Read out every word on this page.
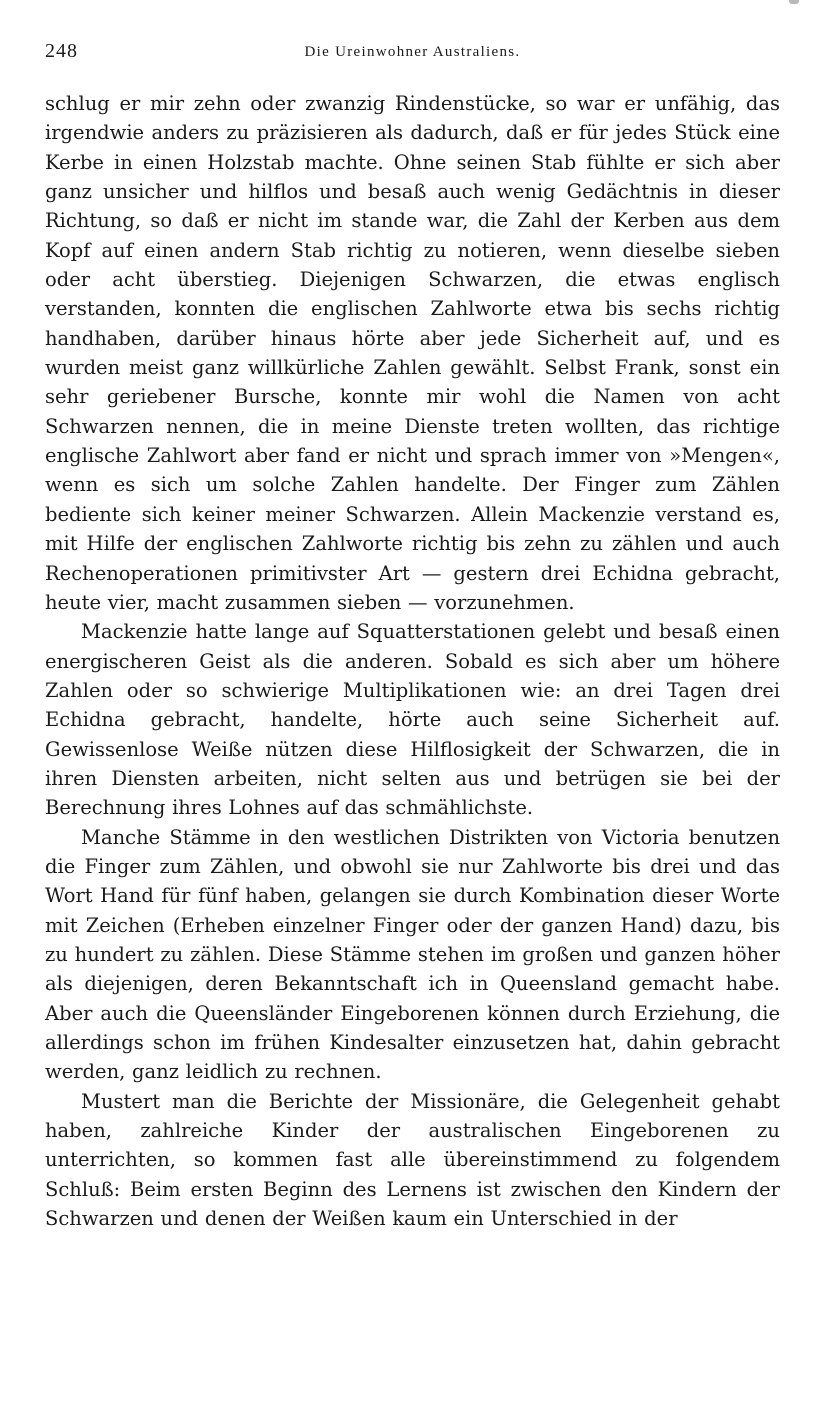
248	Die Ureinwohner Australiens.

schlug er mir zehn oder zwanzig Rindenstücke, so war er unfähig, das irgendwie anders zu präzisieren als dadurch, daß er für jedes Stück eine Kerbe in einen Holzstab machte. Ohne seinen Stab fühlte er sich aber ganz unsicher und hilflos und besaß auch wenig Gedächtnis in dieser Richtung, so daß er nicht im stande war, die Zahl der Kerben aus dem Kopf auf einen andern Stab richtig zu notieren, wenn dieselbe sieben oder acht überstieg. Diejenigen Schwarzen, die etwas englisch verstanden, konnten die englischen Zahlworte etwa bis sechs richtig handhaben, darüber hinaus hörte aber jede Sicherheit auf, und es wurden meist ganz willkürliche Zahlen gewählt. Selbst Frank, sonst ein sehr geriebener Bursche, konnte mir wohl die Namen von acht Schwarzen nennen, die in meine Dienste treten wollten, das richtige englische Zahlwort aber fand er nicht und sprach immer von »Mengen«, wenn es sich um solche Zahlen handelte. Der Finger zum Zählen bediente sich keiner meiner Schwarzen. Allein Mackenzie verstand es, mit Hilfe der englischen Zahlworte richtig bis zehn zu zählen und auch Rechenoperationen primitivster Art — gestern drei Echidna gebracht, heute vier, macht zusammen sieben — vorzunehmen.

Mackenzie hatte lange auf Squatterstationen gelebt und besaß einen energischeren Geist als die anderen. Sobald es sich aber um höhere Zahlen oder so schwierige Multiplikationen wie: an drei Tagen drei Echidna gebracht, handelte, hörte auch seine Sicherheit auf. Gewissenlose Weiße nützen diese Hilflosigkeit der Schwarzen, die in ihren Diensten arbeiten, nicht selten aus und betrügen sie bei der Berechnung ihres Lohnes auf das schmählichste.

Manche Stämme in den westlichen Distrikten von Victoria benutzen die Finger zum Zählen, und obwohl sie nur Zahlworte bis drei und das Wort Hand für fünf haben, gelangen sie durch Kombination dieser Worte mit Zeichen (Erheben einzelner Finger oder der ganzen Hand) dazu, bis zu hundert zu zählen. Diese Stämme stehen im großen und ganzen höher als diejenigen, deren Bekanntschaft ich in Queensland gemacht habe. Aber auch die Queensländer Eingeborenen können durch Erziehung, die allerdings schon im frühen Kindesalter einzusetzen hat, dahin gebracht werden, ganz leidlich zu rechnen.

Mustert man die Berichte der Missionäre, die Gelegenheit gehabt haben, zahlreiche Kinder der australischen Eingeborenen zu unterrichten, so kommen fast alle übereinstimmend zu folgendem Schluß: Beim ersten Beginn des Lernens ist zwischen den Kindern der Schwarzen und denen der Weißen kaum ein Unterschied in der
